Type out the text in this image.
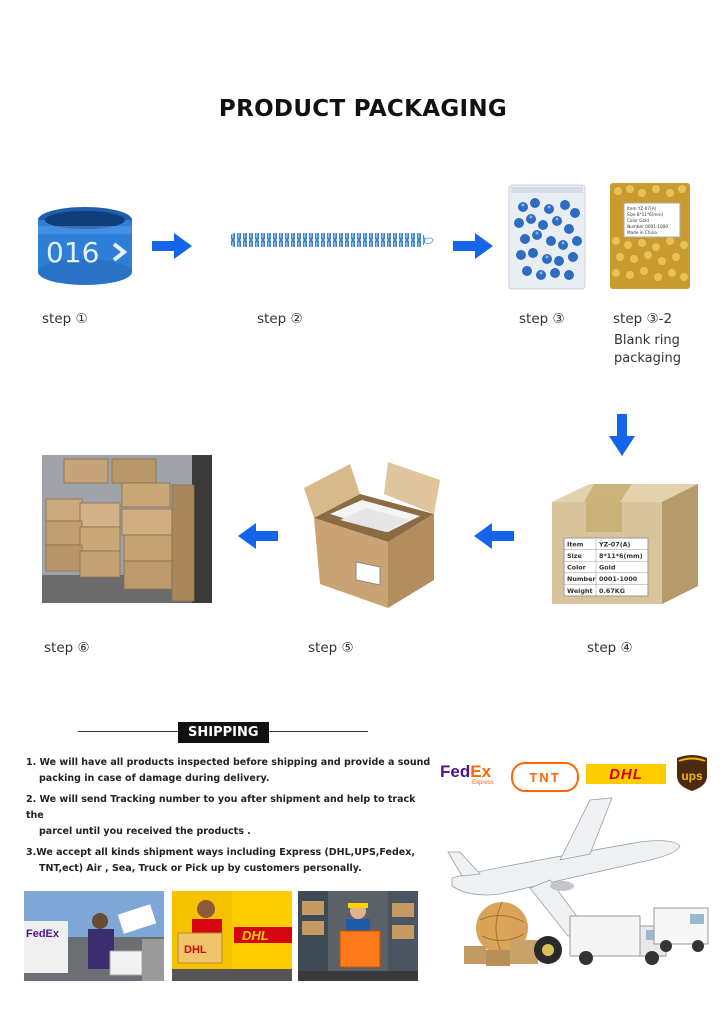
PRODUCT PACKAGING
016
Item YZ-07(A)
Size 8*11*6(mm)
Color Gold
Number 0001-1000
Made in China
step ①	step ②	step ③	step ③-2
Blank ring
packaging
Item YZ-07(A)
Size	8*11*6(mm)
Color Gold
Number 0001-1000
Weight 0.67KG
step ⑥	step ⑤	step ④
SHIPPING

1. We will have all products inspected before shipping and provide a sound
packing in case of damage during delivery.

2. We will send Tracking number to you after shipment and help to track the
parcel until you received the products .

3.We accept all kinds shipment ways including Express (DHL,UPS,Fedex,
TNT,ect) Air , Sea, Truck or Pick up by customers personally.

FedEx
Express	TNT	DHL	ups
FedEx	DHL
DHL
